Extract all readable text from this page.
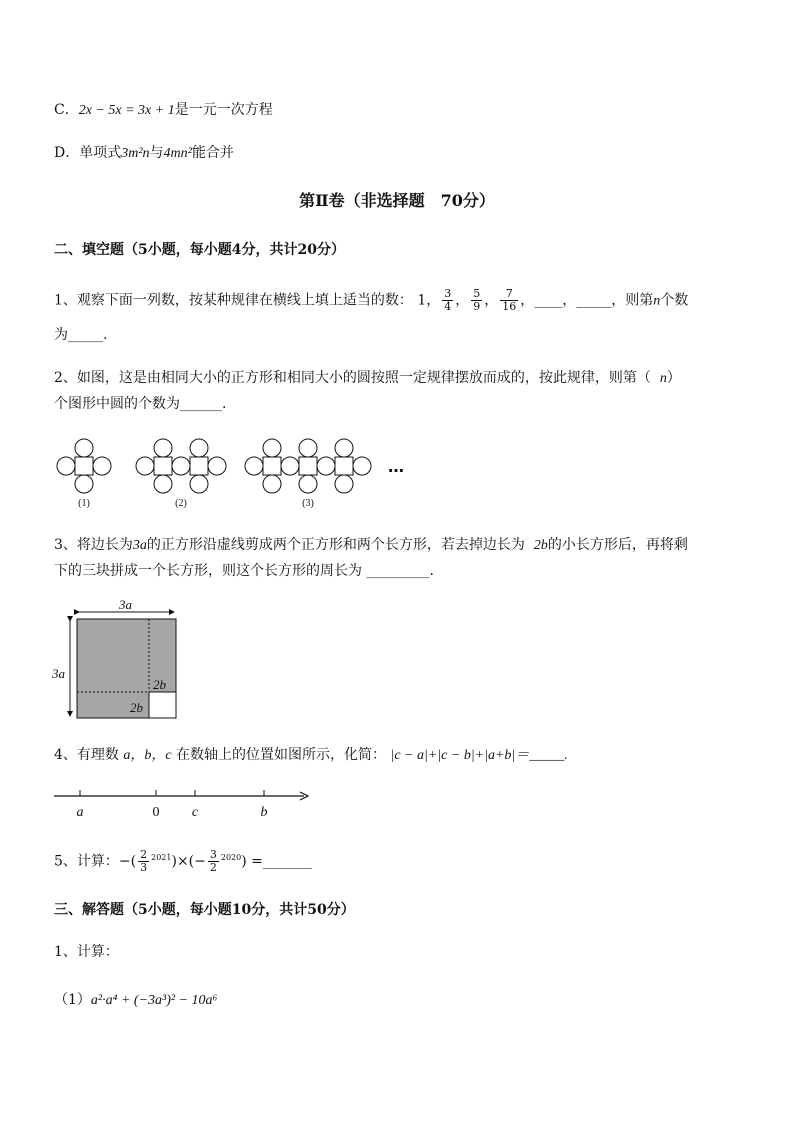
C．2x − 5x = 3x + 1是一元一次方程
D．单项式3m²n与4mn²能合并
第Ⅱ卷（非选择题　70分）
二、填空题（5小题，每小题4分，共计20分）
1、观察下面一列数，按某种规律在横线上填上适当的数： 1， $\frac{3}{4}$ ， $\frac{5}{9}$ ， $\frac{7}{16}$ ，____，_____，则第n个数
为_____.
2、如图，这是由相同大小的正方形和相同大小的圆按照一定规律摆放而成的，按此规律，则第（ n）
个图形中圆的个数为______.
(1)	(2)	(3)
…
3、将边长为3a的正方形沿虚线剪成两个正方形和两个长方形，若去掉边长为 2b的小长方形后，再将剩
下的三块拼成一个长方形，则这个长方形的周长为 _________.
3a
3a
2b
2b
4、有理数 a，b，c 在数轴上的位置如图所示，化简： |c − a|+|c − b|+|a+b|＝_____.
a	0 c	b
5、计算：−( $\frac{2}{3} ^{2021})\times(- \frac{3}{2} ^{2020})$ =_______
三、解答题（5小题，每小题10分，共计50分）
1、计算：
（1）a²·a⁴ + (−3a³)² − 10a⁶
